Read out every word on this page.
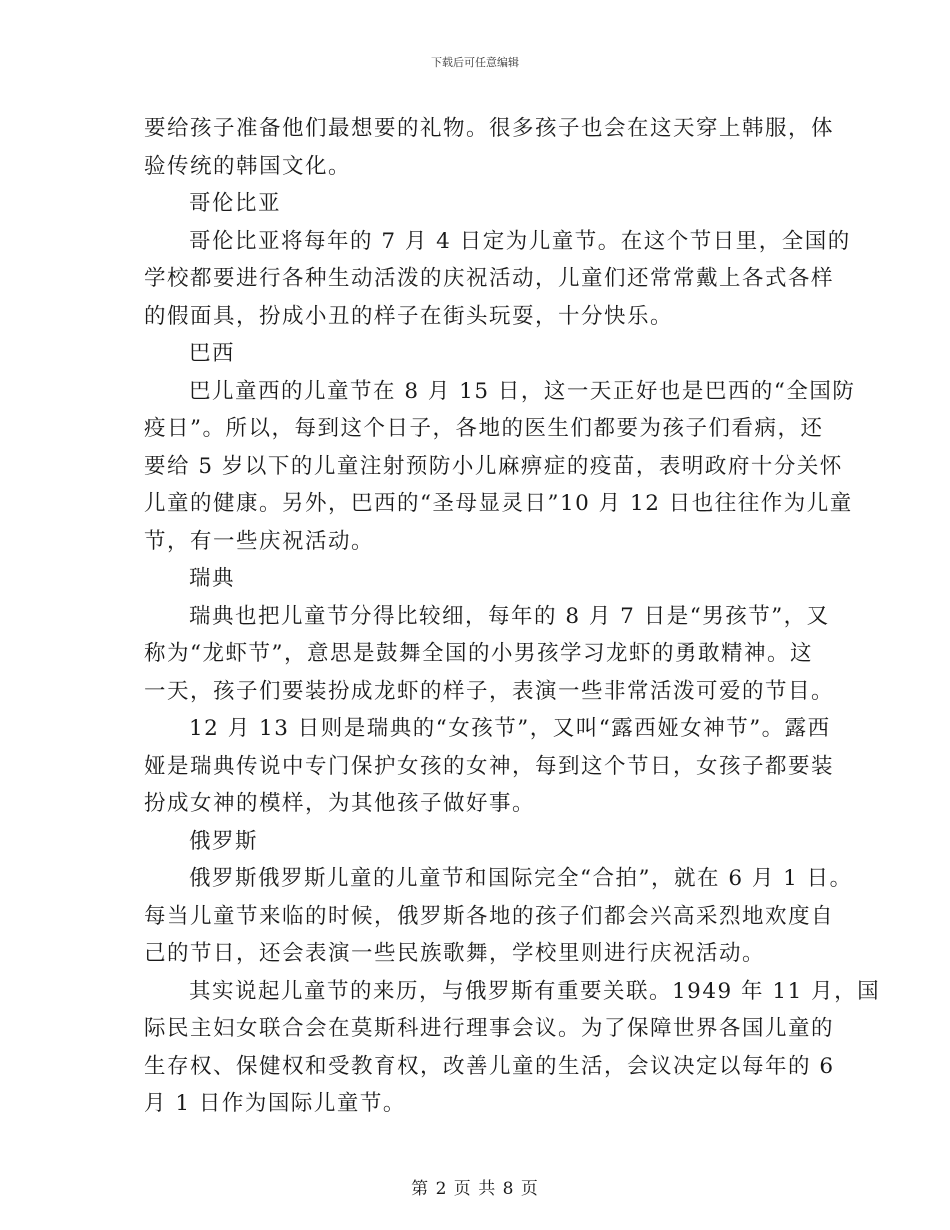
下载后可任意编辑
要给孩子准备他们最想要的礼物。很多孩子也会在这天穿上韩服，体
验传统的韩国文化。
哥伦比亚
哥伦比亚将每年的 7 月 4 日定为儿童节。在这个节日里，全国的
学校都要进行各种生动活泼的庆祝活动，儿童们还常常戴上各式各样
的假面具，扮成小丑的样子在街头玩耍，十分快乐。
巴西
巴儿童西的儿童节在 8 月 15 日，这一天正好也是巴西的“全国防
疫日”。所以，每到这个日子，各地的医生们都要为孩子们看病，还
要给 5 岁以下的儿童注射预防小儿麻痹症的疫苗，表明政府十分关怀
儿童的健康。另外，巴西的“圣母显灵日”10 月 12 日也往往作为儿童
节，有一些庆祝活动。
瑞典
瑞典也把儿童节分得比较细，每年的 8 月 7 日是“男孩节”，又
称为“龙虾节”，意思是鼓舞全国的小男孩学习龙虾的勇敢精神。这
一天，孩子们要装扮成龙虾的样子，表演一些非常活泼可爱的节目。
12 月 13 日则是瑞典的“女孩节”，又叫“露西娅女神节”。露西
娅是瑞典传说中专门保护女孩的女神，每到这个节日，女孩子都要装
扮成女神的模样，为其他孩子做好事。
俄罗斯
俄罗斯俄罗斯儿童的儿童节和国际完全“合拍”，就在 6 月 1 日。
每当儿童节来临的时候，俄罗斯各地的孩子们都会兴高采烈地欢度自
己的节日，还会表演一些民族歌舞，学校里则进行庆祝活动。
其实说起儿童节的来历，与俄罗斯有重要关联。1949 年 11 月，国
际民主妇女联合会在莫斯科进行理事会议。为了保障世界各国儿童的
生存权、保健权和受教育权，改善儿童的生活，会议决定以每年的 6
月 1 日作为国际儿童节。
第 2 页 共 8 页
